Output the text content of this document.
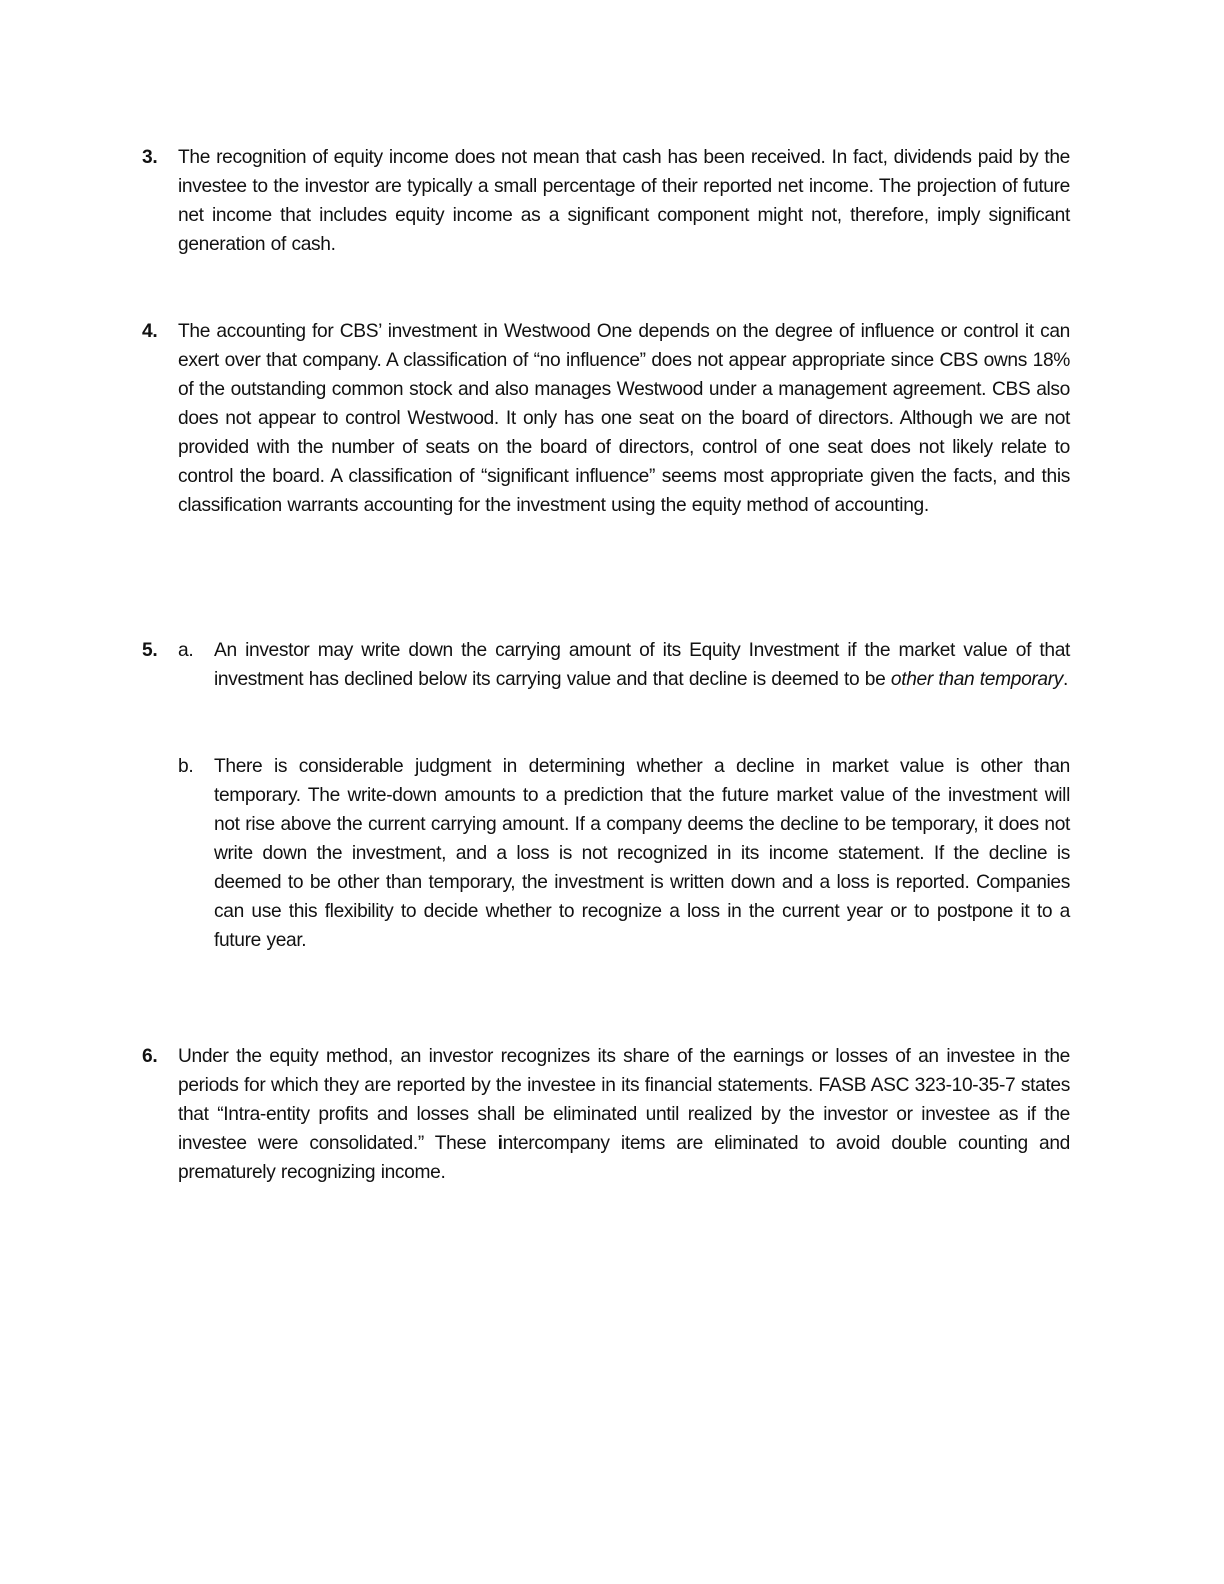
3. The recognition of equity income does not mean that cash has been received. In fact, dividends paid by the investee to the investor are typically a small percentage of their reported net income. The projection of future net income that includes equity income as a significant component might not, therefore, imply significant generation of cash.

4. The accounting for CBS’ investment in Westwood One depends on the degree of influence or control it can exert over that company. A classification of “no influence” does not appear appropriate since CBS owns 18% of the outstanding common stock and also manages Westwood under a management agreement. CBS also does not appear to control Westwood. It only has one seat on the board of directors. Although we are not provided with the number of seats on the board of directors, control of one seat does not likely relate to control the board. A classification of “significant influence” seems most appropriate given the facts, and this classification warrants accounting for the investment using the equity method of accounting.

5. a. An investor may write down the carrying amount of its Equity Investment if the market value of that investment has declined below its carrying value and that decline is deemed to be other than temporary.

b. There is considerable judgment in determining whether a decline in market value is other than temporary. The write-down amounts to a prediction that the future market value of the investment will not rise above the current carrying amount. If a company deems the decline to be temporary, it does not write down the investment, and a loss is not recognized in its income statement. If the decline is deemed to be other than temporary, the investment is written down and a loss is reported. Companies can use this flexibility to decide whether to recognize a loss in the current year or to postpone it to a future year.

6. Under the equity method, an investor recognizes its share of the earnings or losses of an investee in the periods for which they are reported by the investee in its financial statements. FASB ASC 323-10-35-7 states that “Intra-entity profits and losses shall be eliminated until realized by the investor or investee as if the investee were consolidated.” These intercompany items are eliminated to avoid double counting and prematurely recognizing income.
